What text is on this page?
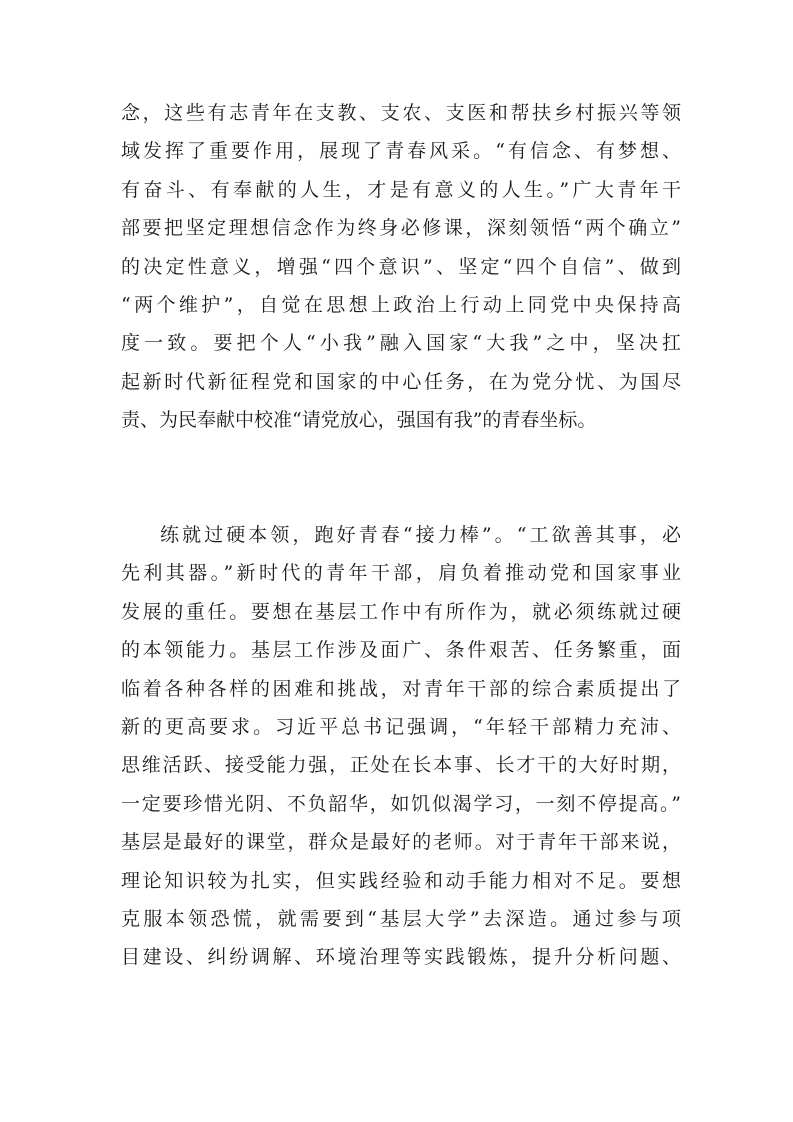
念，这些有志青年在支教、支农、支医和帮扶乡村振兴等领
域发挥了重要作用，展现了青春风采。“有信念、有梦想、
有奋斗、有奉献的人生，才是有意义的人生。”广大青年干
部要把坚定理想信念作为终身必修课，深刻领悟“两个确立”
的决定性意义，增强“四个意识”、坚定“四个自信”、做到
“两个维护”，自觉在思想上政治上行动上同党中央保持高
度一致。要把个人“小我”融入国家“大我”之中，坚决扛
起新时代新征程党和国家的中心任务，在为党分忧、为国尽
责、为民奉献中校准“请党放心，强国有我”的青春坐标。
练就过硬本领，跑好青春“接力棒”。“工欲善其事，必
先利其器。”新时代的青年干部，肩负着推动党和国家事业
发展的重任。要想在基层工作中有所作为，就必须练就过硬
的本领能力。基层工作涉及面广、条件艰苦、任务繁重，面
临着各种各样的困难和挑战，对青年干部的综合素质提出了
新的更高要求。习近平总书记强调，“年轻干部精力充沛、
思维活跃、接受能力强，正处在长本事、长才干的大好时期，
一定要珍惜光阴、不负韶华，如饥似渴学习，一刻不停提高。”
基层是最好的课堂，群众是最好的老师。对于青年干部来说，
理论知识较为扎实，但实践经验和动手能力相对不足。要想
克服本领恐慌，就需要到“基层大学”去深造。通过参与项
目建设、纠纷调解、环境治理等实践锻炼，提升分析问题、
